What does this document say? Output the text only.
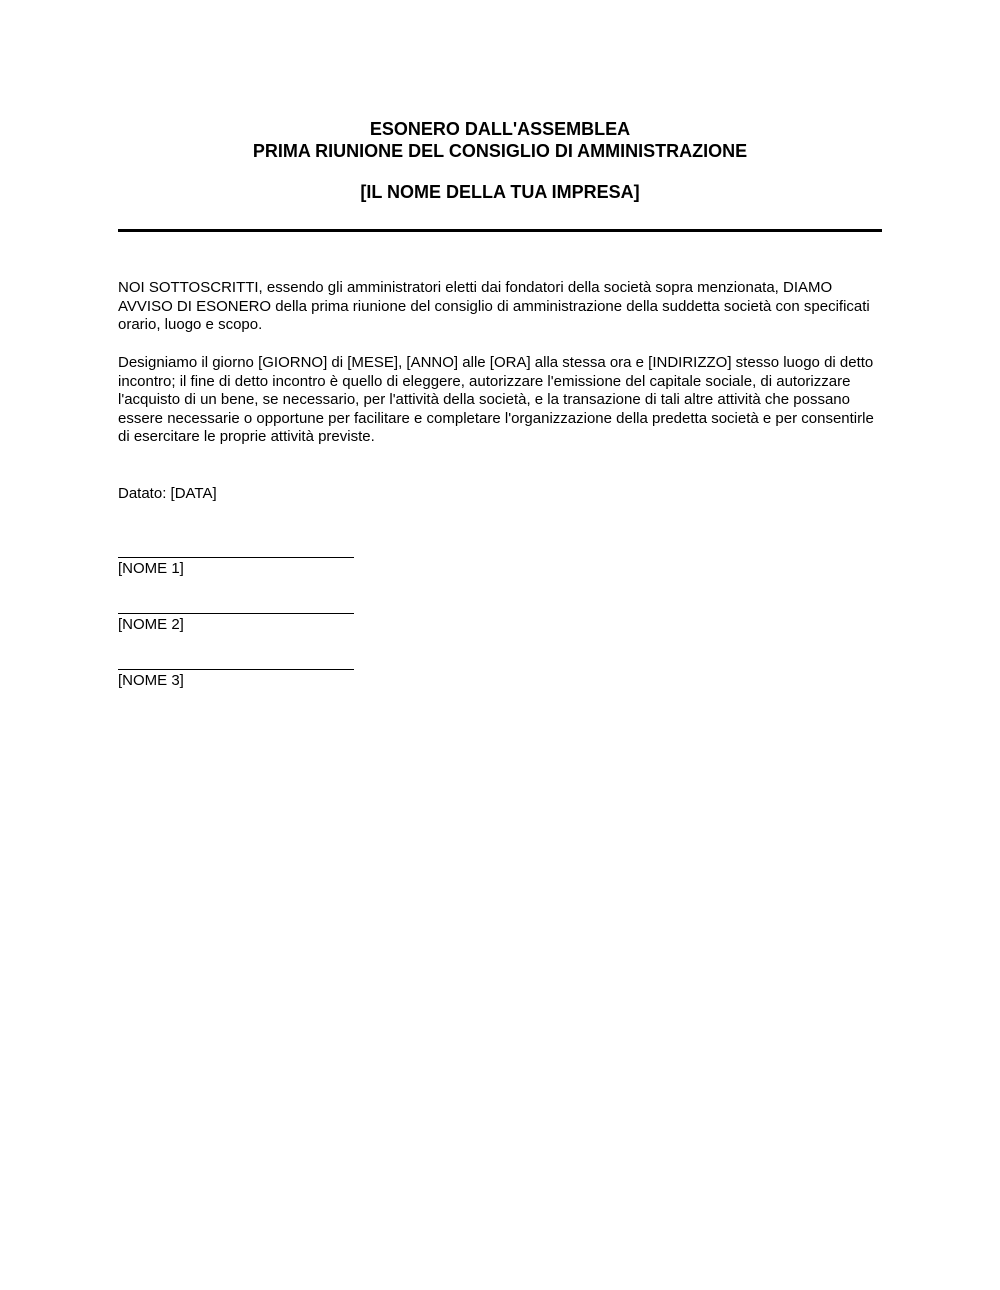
ESONERO DALL'ASSEMBLEA
PRIMA RIUNIONE DEL CONSIGLIO DI AMMINISTRAZIONE
[IL NOME DELLA TUA IMPRESA]
NOI SOTTOSCRITTI, essendo gli amministratori eletti dai fondatori della società sopra menzionata, DIAMO AVVISO DI ESONERO della prima riunione del consiglio di amministrazione della suddetta società con specificati orario, luogo e scopo.
Designiamo il giorno [GIORNO] di [MESE], [ANNO] alle [ORA] alla stessa ora e [INDIRIZZO] stesso luogo di detto incontro; il fine di detto incontro è quello di eleggere, autorizzare l'emissione del capitale sociale, di autorizzare l'acquisto di un bene, se necessario, per l'attività della società, e la transazione di tali altre attività che possano essere necessarie o opportune per facilitare e completare l'organizzazione della predetta società e per consentirle di esercitare le proprie attività previste.
Datato: [DATA]
[NOME 1]
[NOME 2]
[NOME 3]
